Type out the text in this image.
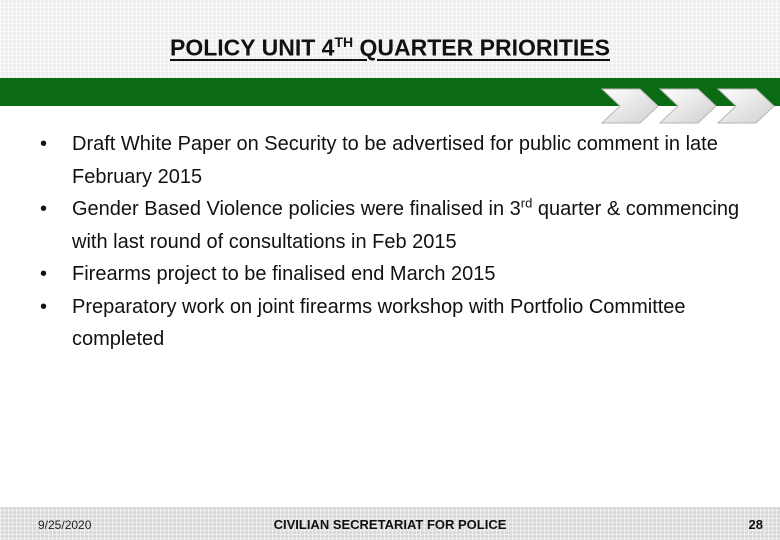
POLICY UNIT 4TH QUARTER PRIORITIES
• Draft White Paper on Security to be advertised for public comment in late February 2015
• Gender Based Violence policies were finalised in 3rd quarter & commencing with last round of consultations in Feb 2015
• Firearms project to be finalised end March 2015
• Preparatory work on joint firearms workshop with Portfolio Committee completed
9/25/2020	CIVILIAN SECRETARIAT FOR POLICE	28
